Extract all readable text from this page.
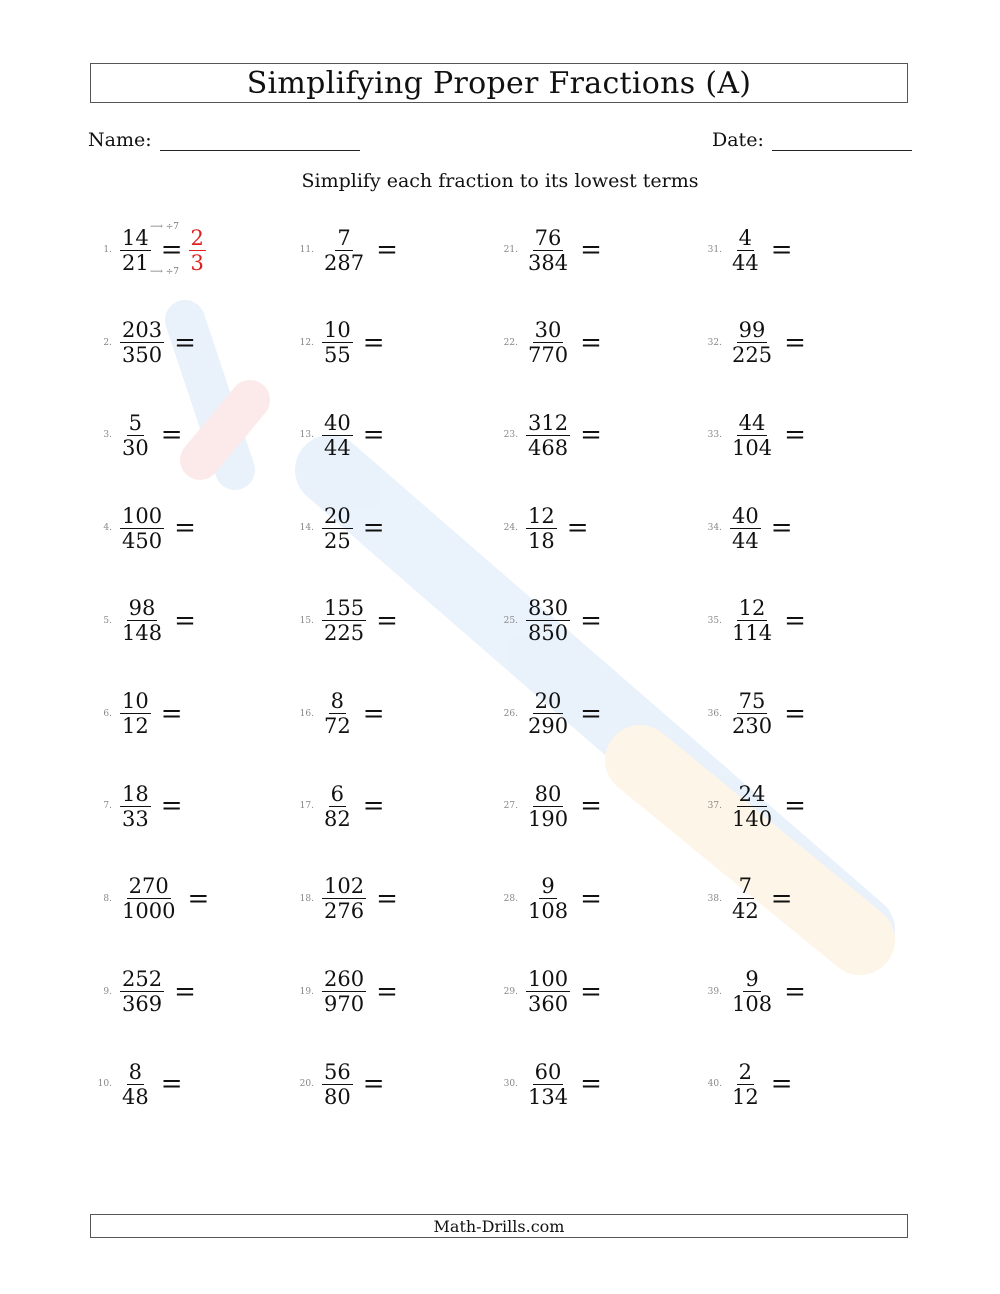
Simplifying Proper Fractions (A)
Name:	Date:
Simplify each fraction to its lowest terms
1. $\frac{14}{21} = \frac{2}{3}$
⟶ ÷7
⟶ ÷7
2. $\frac{203}{350}$ =
3. $\frac{5}{30}$ =
4. $\frac{100}{450}$ =
5. $\frac{98}{148}$ =
6. $\frac{10}{12}$ =
7. $\frac{18}{33}$ =
8. $\frac{270}{1000}$ =
9. $\frac{252}{369}$ =
10. $\frac{8}{48}$ =
11. $\frac{7}{287}$ =
12. $\frac{10}{55}$ =
13. $\frac{40}{44}$ =
14. $\frac{20}{25}$ =
15. $\frac{155}{225}$ =
16. $\frac{8}{72}$ =
17. $\frac{6}{82}$ =
18. $\frac{102}{276}$ =
19. $\frac{260}{970}$ =
20. $\frac{56}{80}$ =
21. $\frac{76}{384}$ =
22. $\frac{30}{770}$ =
23. $\frac{312}{468}$ =
24. $\frac{12}{18}$ =
25. $\frac{830}{850}$ =
26. $\frac{20}{290}$ =
27. $\frac{80}{190}$ =
28. $\frac{9}{108}$ =
29. $\frac{100}{360}$ =
30. $\frac{60}{134}$ =
31. $\frac{4}{44}$ =
32. $\frac{99}{225}$ =
33. $\frac{44}{104}$ =
34. $\frac{40}{44}$ =
35. $\frac{12}{114}$ =
36. $\frac{75}{230}$ =
37. $\frac{24}{140}$ =
38. $\frac{7}{42}$ =
39. $\frac{9}{108}$ =
40. $\frac{2}{12}$ =
Math-Drills.com
